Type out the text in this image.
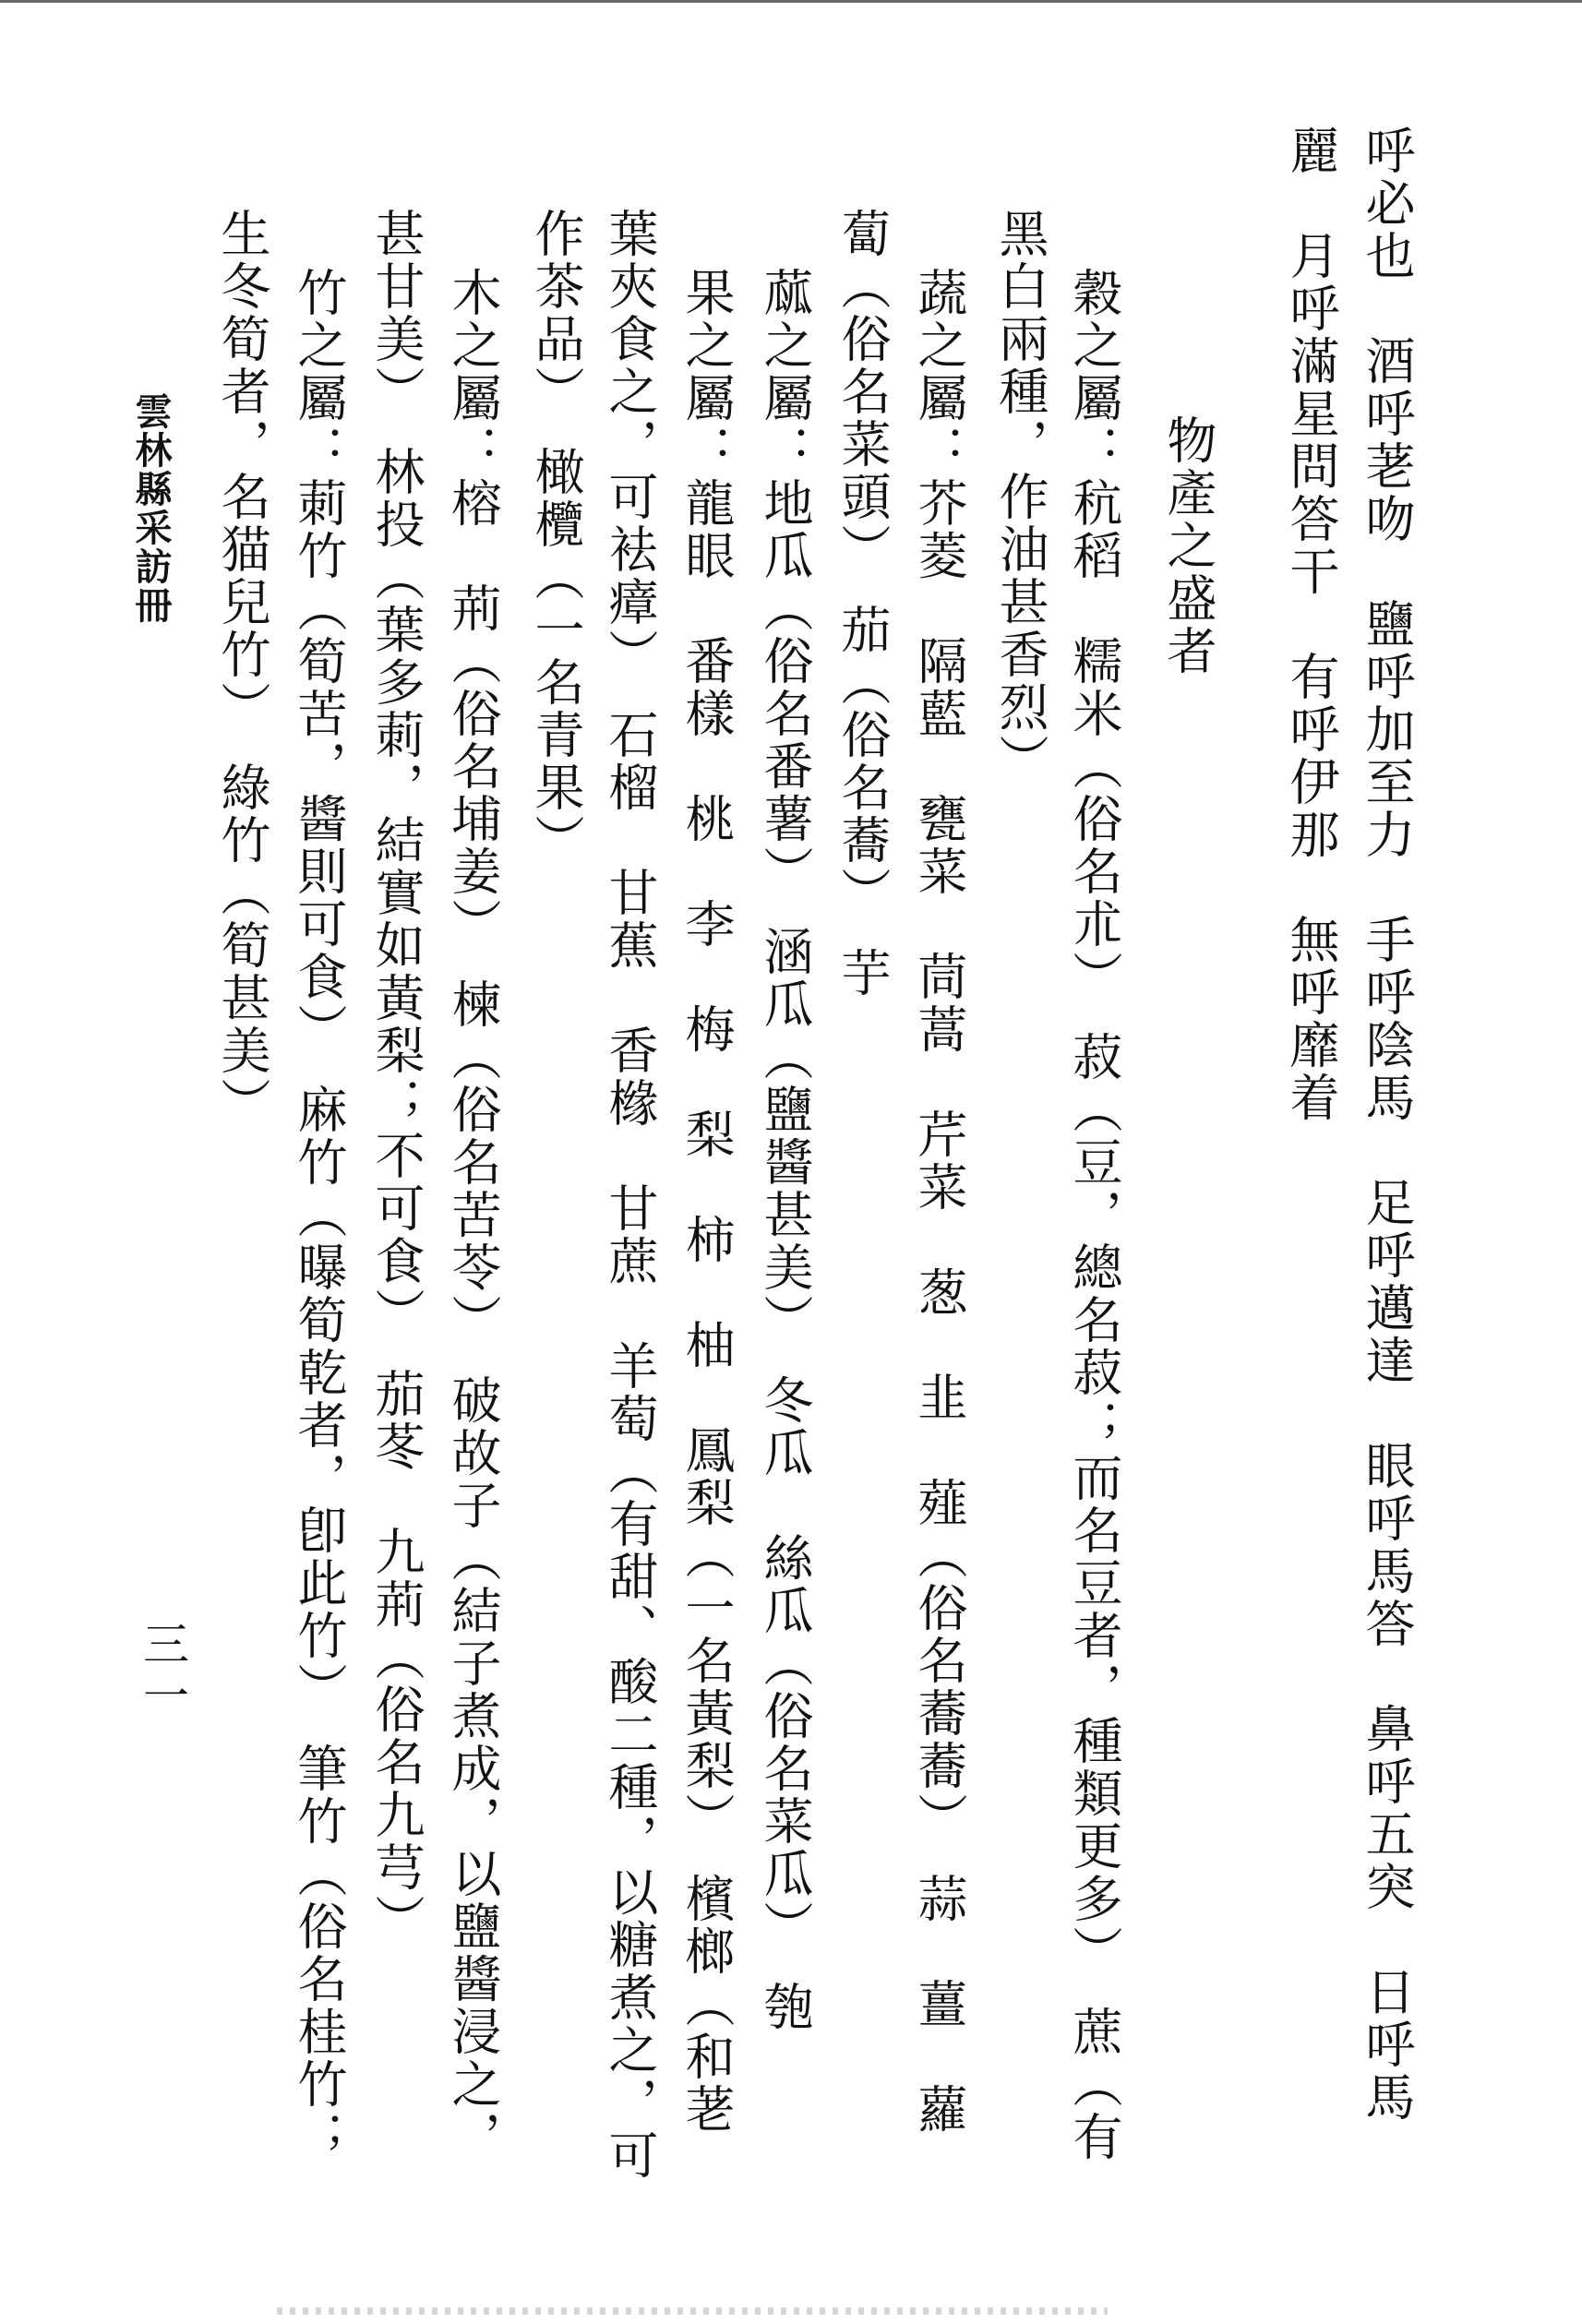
呼必也　酒呼荖吻　鹽呼加至力　手呼陰馬　足呼邁達　眼呼馬答　鼻呼五突　日呼馬
麗　月呼滿星問答干　有呼伊那　無呼靡着
　　物產之盛者
　穀之屬：秔稻　糯米（俗名朮）　菽（豆，總名菽；而名豆者，種類更多）　蔗（有
黑白兩種，作油甚香烈）
　蔬之屬：芥菱　隔藍　甕菜　茼蒿　芹菜　葱　韭　薤（俗名蕎蕎）　蒜　薑　蘿
蔔（俗名菜頭）　茄（俗名蕎）　芋
　蓏之屬：地瓜（俗名番薯）　涵瓜（鹽醬甚美）　冬瓜　絲瓜（俗名菜瓜）　匏
　果之屬：龍眼　番樣　桃　李　梅　梨　柿　柚　鳳梨（一名黃梨）　檳榔（和荖
葉夾食之，可袪瘴）　石榴　甘蕉　香橼　甘蔗　羊萄（有甜、酸二種，以糖煮之，可
作茶品）　橄欖（一名青果）
　木之屬：榕　荊（俗名埔姜）　楝（俗名苦苓）　破故子（結子煮成，以鹽醬浸之，
甚甘美）　林投（葉多莿，結實如黃梨；不可食）　茄苳　九荊（俗名九芎）
　竹之屬：莿竹（筍苦，醬則可食）　麻竹（曝筍乾者，卽此竹）　筆竹（俗名桂竹；
生冬筍者，名猫兒竹）　綠竹（筍甚美）
雲林縣采訪冊
三一
